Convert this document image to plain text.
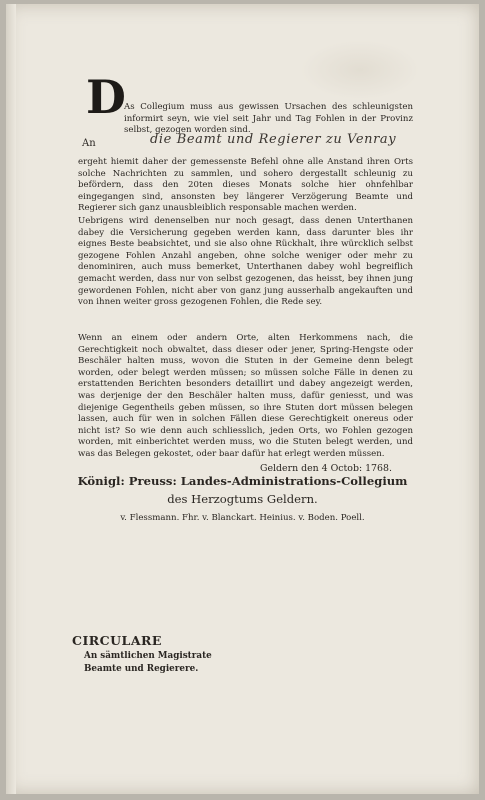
D
As Collegium muss aus gewissen Ursachen des schleunigsten informirt seyn, wie viel seit Jahr und Tag Fohlen in der Provinz selbst, gezogen worden sind.
An	die Beamt und Regierer zu Venray
ergeht hiemit daher der gemessenste Befehl ohne alle Anstand ihren Orts solche Nachrichten zu sammlen, und sohero dergestallt schleunig zu befördern, dass den 20ten dieses Monats solche hier ohnfehlbar eingegangen sind, ansonsten bey längerer Verzögerung Beamte und Regierer sich ganz unausbleiblich responsable machen werden.
Uebrigens wird denenselben nur noch gesagt, dass denen Unterthanen dabey die Versicherung gegeben werden kann, dass darunter bles ihr eignes Beste beabsichtet, und sie also ohne Rückhalt, ihre würcklich selbst gezogene Fohlen Anzahl angeben, ohne solche weniger oder mehr zu denominiren, auch muss bemerket, Unterthanen dabey wohl begreiflich gemacht werden, dass nur von selbst gezogenen, das heisst, bey ihnen jung gewordenen Fohlen, nicht aber von ganz jung ausserhalb angekauften und von ihnen weiter gross gezogenen Fohlen, die Rede sey.
Wenn an einem oder andern Orte, alten Herkommens nach, die Gerechtigkeit noch obwaltet, dass dieser oder jener, Spring-Hengste oder Beschäler halten muss, wovon die Stuten in der Gemeine denn belegt worden, oder belegt werden müssen; so müssen solche Fälle in denen zu erstattenden Berichten besonders detaillirt und dabey angezeigt werden, was derjenige der den Beschäler halten muss, dafür geniesst, und was diejenige Gegentheils geben müssen, so ihre Stuten dort müssen belegen lassen, auch für wen in solchen Fällen diese Gerechtigkeit onereus oder nicht ist? So wie denn auch schliesslich, jeden Orts, wo Fohlen gezogen worden, mit einberichtet werden muss, wo die Stuten belegt werden, und was das Belegen gekostet, oder baar dafür hat erlegt werden müssen.
Geldern den 4 Octob: 1768.
Königl: Preuss: Landes-Administrations-Collegium
des Herzogtums Geldern.
v. Flessmann. Fhr. v. Blanckart. Heinius. v. Boden. Poell.
CIRCULARE
An sämtlichen Magistrate
Beamte und Regierere.
